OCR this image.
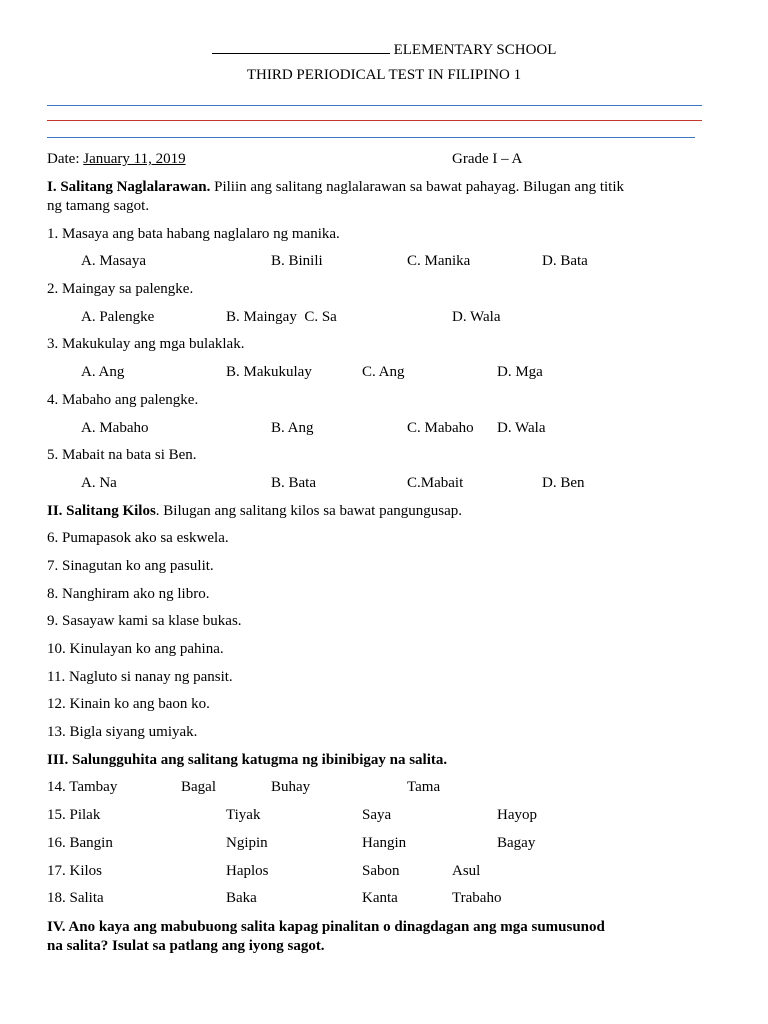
ELEMENTARY SCHOOL
THIRD PERIODICAL TEST IN FILIPINO 1
Date: January 11, 2019	Grade I – A
I. Salitang Naglalarawan. Piliin ang salitang naglalarawan sa bawat pahayag. Bilugan ang titik
ng tamang sagot.
1. Masaya ang bata habang naglalaro ng manika.
A. Masaya	B. Binili	C. Manika	D. Bata
2. Maingay sa palengke.
A. Palengke	B. Maingay  C. Sa	D. Wala
3. Makukulay ang mga bulaklak.
A. Ang	B. Makukulay	C. Ang	D. Mga
4. Mabaho ang palengke.
A. Mabaho	B. Ang	C. Mabaho D. Wala
5. Mabait na bata si Ben.
A. Na	B. Bata	C.Mabait	D. Ben
II. Salitang Kilos. Bilugan ang salitang kilos sa bawat pangungusap.
6. Pumapasok ako sa eskwela.
7. Sinagutan ko ang pasulit.
8. Nanghiram ako ng libro.
9. Sasayaw kami sa klase bukas.
10. Kinulayan ko ang pahina.
11. Nagluto si nanay ng pansit.
12. Kinain ko ang baon ko.
13. Bigla siyang umiyak.
III. Salungguhita ang salitang katugma ng ibinibigay na salita.
14. Tambay	Bagal	Buhay	Tama
15. Pilak	Tiyak	Saya	Hayop
16. Bangin	Ngipin	Hangin	Bagay
17. Kilos	Haplos	Sabon	Asul
18. Salita	Baka	Kanta	Trabaho
IV. Ano kaya ang mabubuong salita kapag pinalitan o dinagdagan ang mga sumusunod
na salita? Isulat sa patlang ang iyong sagot.
